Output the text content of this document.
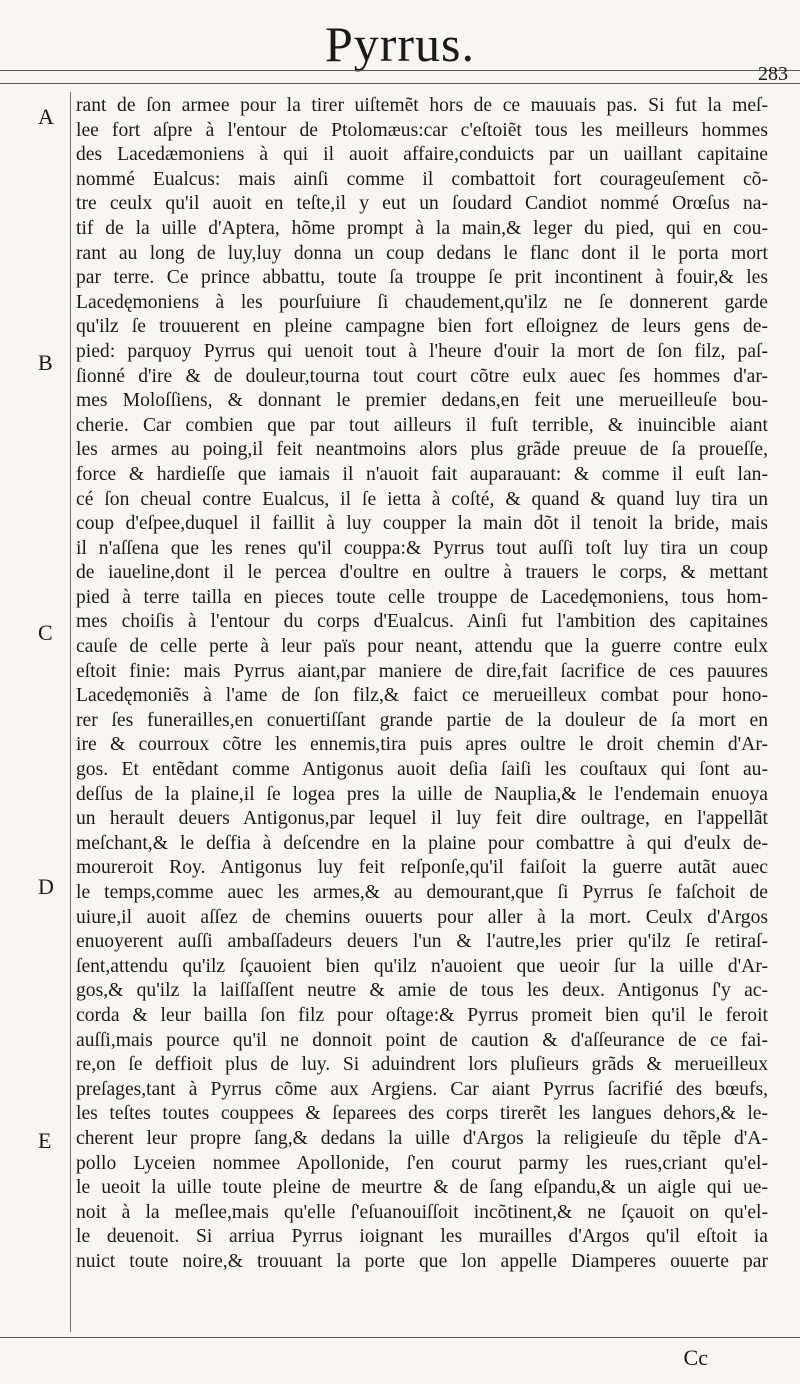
Pyrrus.
283
A
B
C
D
E
rant de ſon armee pour la tirer uiſtemẽt hors de ce mauuais pas. Si fut la meſ-
lee fort aſpre à l'entour de Ptolomæus:car c'eſtoiẽt tous les meilleurs hommes
des Lacedæmoniens à qui il auoit affaire,conduicts par un uaillant capitaine
nommé Eualcus: mais ainſi comme il combattoit fort courageuſement cõ-
tre ceulx qu'il auoit en teſte,il y eut un ſoudard Candiot nommé Orœſus na-
tif de la uille d'Aptera, hõme prompt à la main,& leger du pied, qui en cou-
rant au long de luy,luy donna un coup dedans le flanc dont il le porta mort
par terre. Ce prince abbattu, toute ſa trouppe ſe prit incontinent à fouir,& les
Lacedęmoniens à les pourſuiure ſi chaudement,qu'ilz ne ſe donnerent garde
qu'ilz ſe trouuerent en pleine campagne bien fort eſloignez de leurs gens de-
pied: parquoy Pyrrus qui uenoit tout à l'heure d'ouir la mort de ſon filz, paſ-
ſionné d'ire & de douleur,tourna tout court cõtre eulx auec ſes hommes d'ar-
mes Moloſſiens, & donnant le premier dedans,en feit une merueilleuſe bou-
cherie. Car combien que par tout ailleurs il fuſt terrible, & inuincible aiant
les armes au poing,il feit neantmoins alors plus grãde preuue de ſa proueſſe,
force & hardieſſe que iamais il n'auoit fait auparauant: & comme il euſt lan-
cé ſon cheual contre Eualcus, il ſe ietta à coſté, & quand & quand luy tira un
coup d'eſpee,duquel il faillit à luy coupper la main dõt il tenoit la bride, mais
il n'aſſena que les renes qu'il couppa:& Pyrrus tout auſſi toſt luy tira un coup
de iaueline,dont il le percea d'oultre en oultre à trauers le corps, & mettant
pied à terre tailla en pieces toute celle trouppe de Lacedęmoniens, tous hom-
mes choiſis à l'entour du corps d'Eualcus. Ainſi fut l'ambition des capitaines
cauſe de celle perte à leur païs pour neant, attendu que la guerre contre eulx
eſtoit finie: mais Pyrrus aiant,par maniere de dire,fait ſacrifice de ces pauures
Lacedęmoniẽs à l'ame de ſon filz,& faict ce merueilleux combat pour hono-
rer ſes funerailles,en conuertiſſant grande partie de la douleur de ſa mort en
ire & courroux cõtre les ennemis,tira puis apres oultre le droit chemin d'Ar-
gos. Et entẽdant comme Antigonus auoit deſia ſaiſi les couſtaux qui ſont au-
deſſus de la plaine,il ſe logea pres la uille de Nauplia,& le l'endemain enuoya
un herault deuers Antigonus,par lequel il luy feit dire oultrage, en l'appellãt
meſchant,& le deſfia à deſcendre en la plaine pour combattre à qui d'eulx de-
moureroit Roy. Antigonus luy feit reſponſe,qu'il faiſoit la guerre autãt auec
le temps,comme auec les armes,& au demourant,que ſi Pyrrus ſe faſchoit de
uiure,il auoit aſſez de chemins ouuerts pour aller à la mort. Ceulx d'Argos
enuoyerent auſſi ambaſſadeurs deuers l'un & l'autre,les prier qu'ilz ſe retiraſ-
ſent,attendu qu'ilz ſçauoient bien qu'ilz n'auoient que ueoir ſur la uille d'Ar-
gos,& qu'ilz la laiſſaſſent neutre & amie de tous les deux. Antigonus ſ'y ac-
corda & leur bailla ſon filz pour oſtage:& Pyrrus promeit bien qu'il le feroit
auſſi,mais pource qu'il ne donnoit point de caution & d'aſſeurance de ce fai-
re,on ſe deffioit plus de luy. Si aduindrent lors pluſieurs grãds & merueilleux
preſages,tant à Pyrrus cõme aux Argiens. Car aiant Pyrrus ſacrifié des bœufs,
les teſtes toutes couppees & ſeparees des corps tirerẽt les langues dehors,& le-
cherent leur propre ſang,& dedans la uille d'Argos la religieuſe du tẽple d'A-
pollo Lyceien nommee Apollonide, ſ'en courut parmy les rues,criant qu'el-
le ueoit la uille toute pleine de meurtre & de ſang eſpandu,& un aigle qui ue-
noit à la meſlee,mais qu'elle ſ'eſuanouiſſoit incõtinent,& ne ſçauoit on qu'el-
le deuenoit. Si arriua Pyrrus ioignant les murailles d'Argos qu'il eſtoit ia
nuict toute noire,& trouuant la porte que lon appelle Diamperes ouuerte par
Cc
